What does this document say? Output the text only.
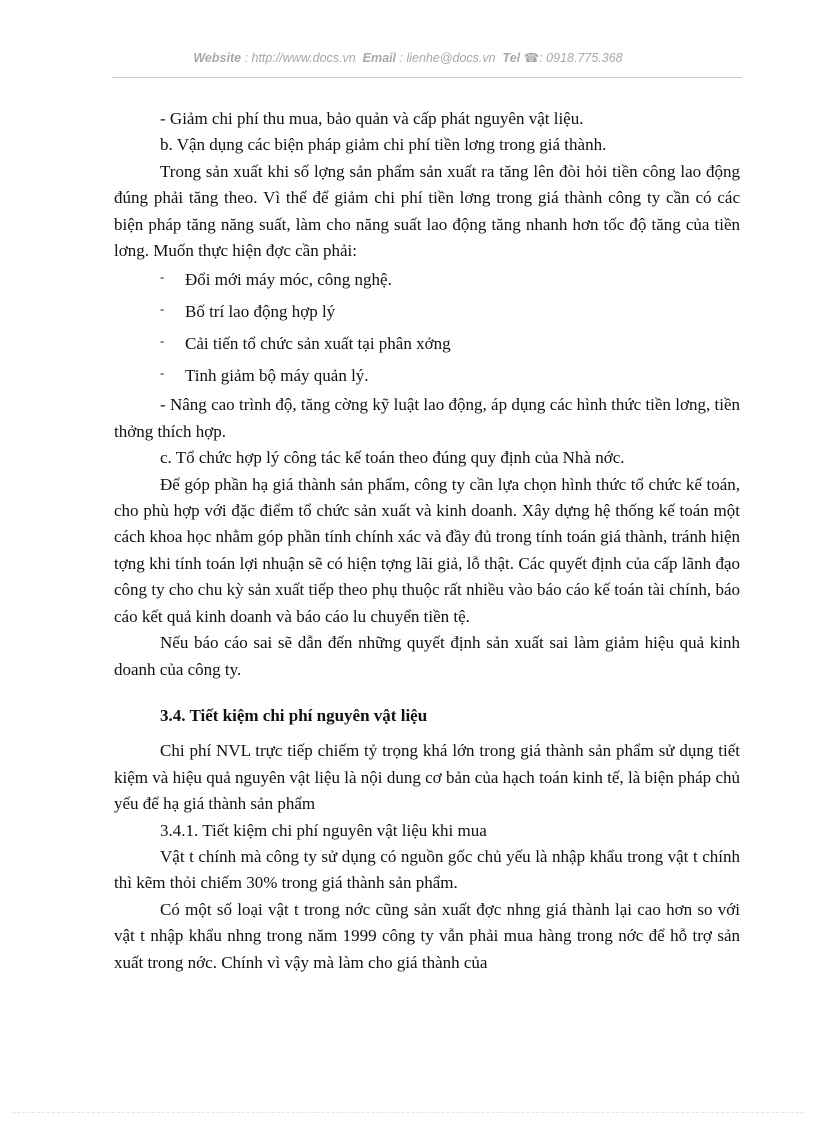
Website : http://www.docs.vn Email : lienhe@docs.vn Tel ☎: 0918.775.368

- Giảm chi phí thu mua, bảo quản và cấp phát nguyên vật liệu.

b. Vận dụng các biện pháp giảm chi phí tiền lơng trong giá thành.

Trong sản xuất khi số lợng sản phẩm sản xuất ra tăng lên đòi hỏi tiền công lao động đúng phải tăng theo. Vì thế để giảm chi phí tiền lơng trong giá thành công ty cần có các biện pháp tăng năng suất, làm cho năng suất lao động tăng nhanh hơn tốc độ tăng của tiền lơng. Muốn thực hiện đợc cần phải:

- Đổi mới máy móc, công nghệ.
- Bố trí lao động hợp lý
- Cải tiến tổ chức sản xuất tại phân xởng
- Tinh giảm bộ máy quản lý.

- Nâng cao trình độ, tăng cờng kỹ luật lao động, áp dụng các hình thức tiền lơng, tiền thởng thích hợp.

c. Tổ chức hợp lý công tác kế toán theo đúng quy định của Nhà nớc.

Để góp phần hạ giá thành sản phẩm, công ty cần lựa chọn hình thức tổ chức kế toán, cho phù hợp với đặc điểm tổ chức sản xuất và kinh doanh. Xây dựng hệ thống kế toán một cách khoa học nhằm góp phần tính chính xác và đầy đủ trong tính toán giá thành, tránh hiện tợng khi tính toán lợi nhuận sẽ có hiện tợng lãi giả, lỗ thật. Các quyết định của cấp lãnh đạo công ty cho chu kỳ sản xuất tiếp theo phụ thuộc rất nhiều vào báo cáo kế toán tài chính, báo cáo kết quả kinh doanh và báo cáo lu chuyển tiền tệ.

Nếu báo cáo sai sẽ dẫn đến những quyết định sản xuất sai làm giảm hiệu quả kinh doanh của công ty.

3.4. Tiết kiệm chi phí nguyên vật liệu

Chi phí NVL trực tiếp chiếm tỷ trọng khá lớn trong giá thành sản phẩm sử dụng tiết kiệm và hiệu quả nguyên vật liệu là nội dung cơ bản của hạch toán kinh tế, là biện pháp chủ yếu để hạ giá thành sản phẩm

3.4.1. Tiết kiệm chi phí nguyên vật liệu khi mua

Vật t chính mà công ty sử dụng có nguồn gốc chủ yếu là nhập khẩu trong vật t chính thì kẽm thỏi chiếm 30% trong giá thành sản phẩm.

Có một số loại vật t trong nớc cũng sản xuất đợc nhng giá thành lại cao hơn so với vật t nhập khẩu nhng trong năm 1999 công ty vẫn phải mua hàng trong nớc để hỗ trợ sản xuất trong nớc. Chính vì vậy mà làm cho giá thành của
